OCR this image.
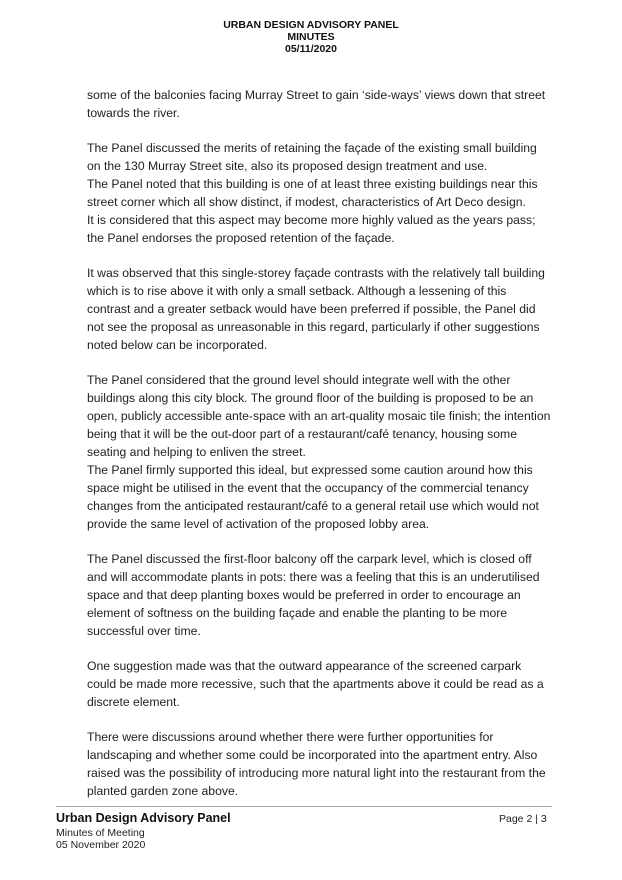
URBAN DESIGN ADVISORY PANEL
MINUTES
05/11/2020

some of the balconies facing Murray Street to gain ‘side-ways’ views down that street
towards the river.

The Panel discussed the merits of retaining the façade of the existing small building
on the 130 Murray Street site, also its proposed design treatment and use.
The Panel noted that this building is one of at least three existing buildings near this
street corner which all show distinct, if modest, characteristics of Art Deco design.
It is considered that this aspect may become more highly valued as the years pass;
the Panel endorses the proposed retention of the façade.

It was observed that this single-storey façade contrasts with the relatively tall building
which is to rise above it with only a small setback. Although a lessening of this
contrast and a greater setback would have been preferred if possible, the Panel did
not see the proposal as unreasonable in this regard, particularly if other suggestions
noted below can be incorporated.

The Panel considered that the ground level should integrate well with the other
buildings along this city block. The ground floor of the building is proposed to be an
open, publicly accessible ante-space with an art-quality mosaic tile finish; the intention
being that it will be the out-door part of a restaurant/café tenancy, housing some
seating and helping to enliven the street.
The Panel firmly supported this ideal, but expressed some caution around how this
space might be utilised in the event that the occupancy of the commercial tenancy
changes from the anticipated restaurant/café to a general retail use which would not
provide the same level of activation of the proposed lobby area.

The Panel discussed the first-floor balcony off the carpark level, which is closed off
and will accommodate plants in pots: there was a feeling that this is an underutilised
space and that deep planting boxes would be preferred in order to encourage an
element of softness on the building façade and enable the planting to be more
successful over time.

One suggestion made was that the outward appearance of the screened carpark
could be made more recessive, such that the apartments above it could be read as a
discrete element.

There were discussions around whether there were further opportunities for
landscaping and whether some could be incorporated into the apartment entry. Also
raised was the possibility of introducing more natural light into the restaurant from the
planted garden zone above.

Urban Design Advisory Panel
Minutes of Meeting
05 November 2020
Page 2 | 3
